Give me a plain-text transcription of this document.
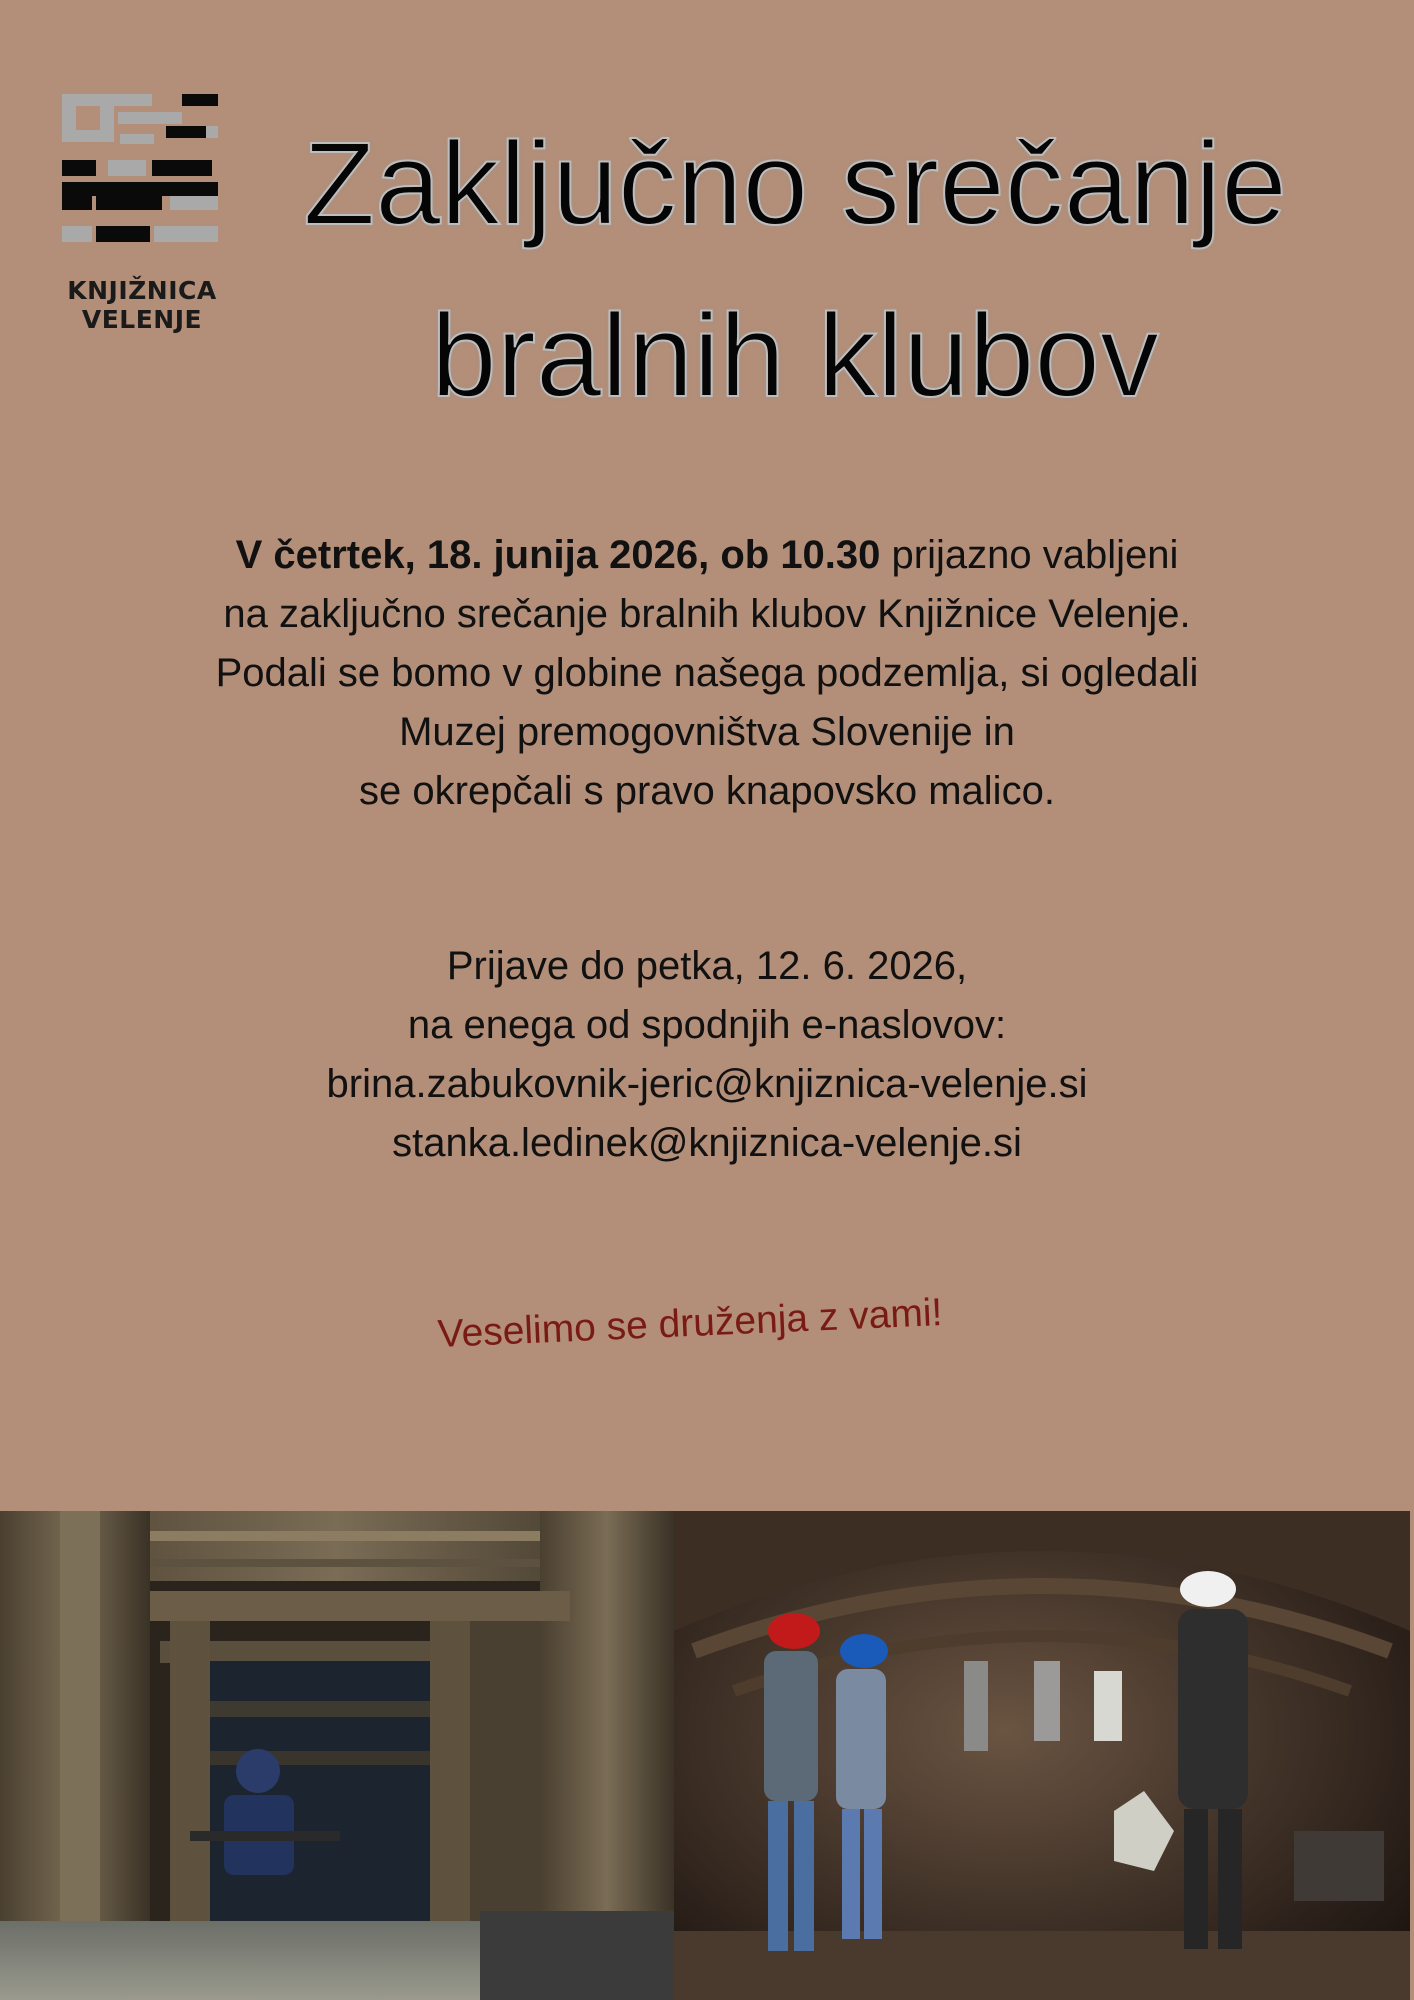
KNJIŽNICA
VELENJE
Zaključno srečanje
bralnih klubov
V četrtek, 18. junija 2026, ob 10.30 prijazno vabljeni
na zaključno srečanje bralnih klubov Knjižnice Velenje.
Podali se bomo v globine našega podzemlja, si ogledali
Muzej premogovništva Slovenije in
se okrepčali s pravo knapovsko malico.
Prijave do petka, 12. 6. 2026,
na enega od spodnjih e-naslovov:
brina.zabukovnik-jeric@knjiznica-velenje.si
stanka.ledinek@knjiznica-velenje.si
Veselimo se druženja z vami!
